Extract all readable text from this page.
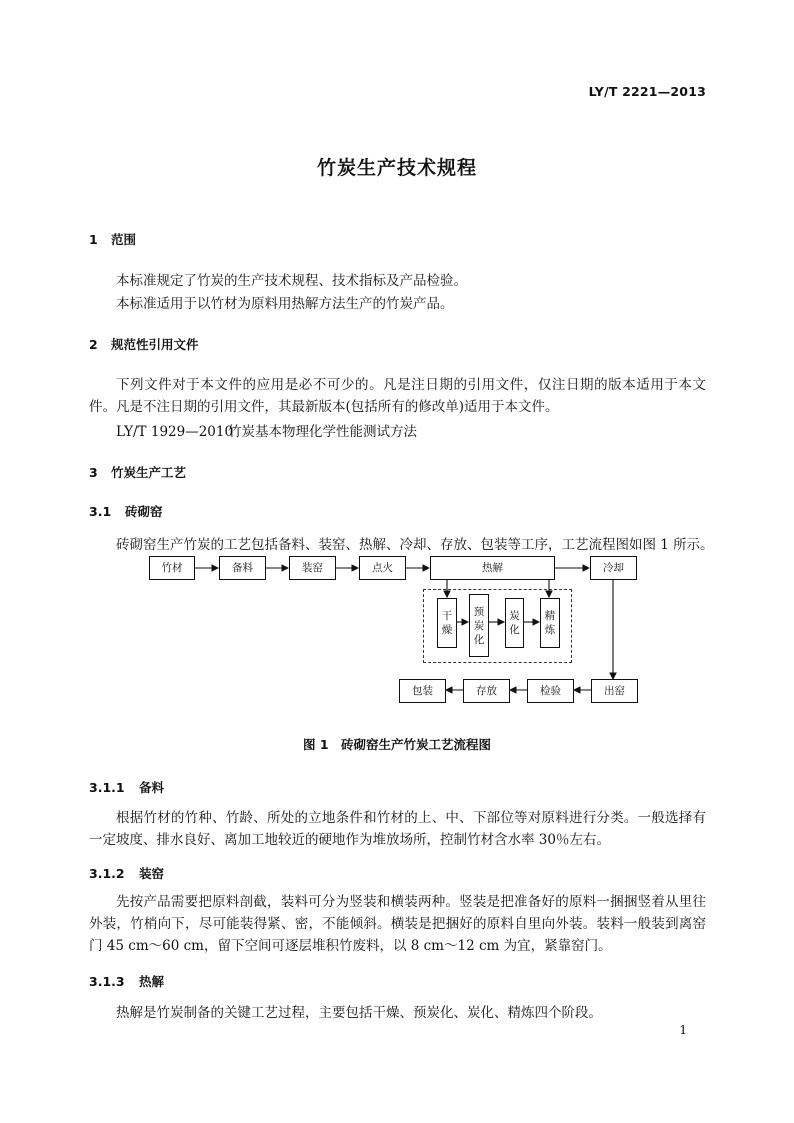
LY/T 2221—2013
竹炭生产技术规程
1 范围
本标准规定了竹炭的生产技术规程、技术指标及产品检验。
本标准适用于以竹材为原料用热解方法生产的竹炭产品。
2 规范性引用文件
下列文件对于本文件的应用是必不可少的。凡是注日期的引用文件，仅注日期的版本适用于本文件。凡是不注日期的引用文件，其最新版本(包括所有的修改单)适用于本文件。
LY/T 1929—2010竹炭基本物理化学性能测试方法
3 竹炭生产工艺
3.1 砖砌窑
砖砌窑生产竹炭的工艺包括备料、装窑、热解、冷却、存放、包装等工序，工艺流程图如图 1 所示。
竹材	备料	装窑	点火	热解	冷却
干
燥
预
炭
化
炭
化
精
炼
包装	存放	检验	出窑
图 1　砖砌窑生产竹炭工艺流程图
3.1.1 备料
根据竹材的竹种、竹龄、所处的立地条件和竹材的上、中、下部位等对原料进行分类。一般选择有一定坡度、排水良好、离加工地较近的硬地作为堆放场所，控制竹材含水率 30％左右。
3.1.2 装窑
先按产品需要把原料剖截，装料可分为竖装和横装两种。竖装是把准备好的原料一捆捆竖着从里往外装，竹梢向下，尽可能装得紧、密，不能倾斜。横装是把捆好的原料自里向外装。装料一般装到离窑门 45 cm～60 cm，留下空间可逐层堆积竹废料，以 8 cm～12 cm 为宜，紧靠窑门。
3.1.3 热解
热解是竹炭制备的关键工艺过程，主要包括干燥、预炭化、炭化、精炼四个阶段。
1
